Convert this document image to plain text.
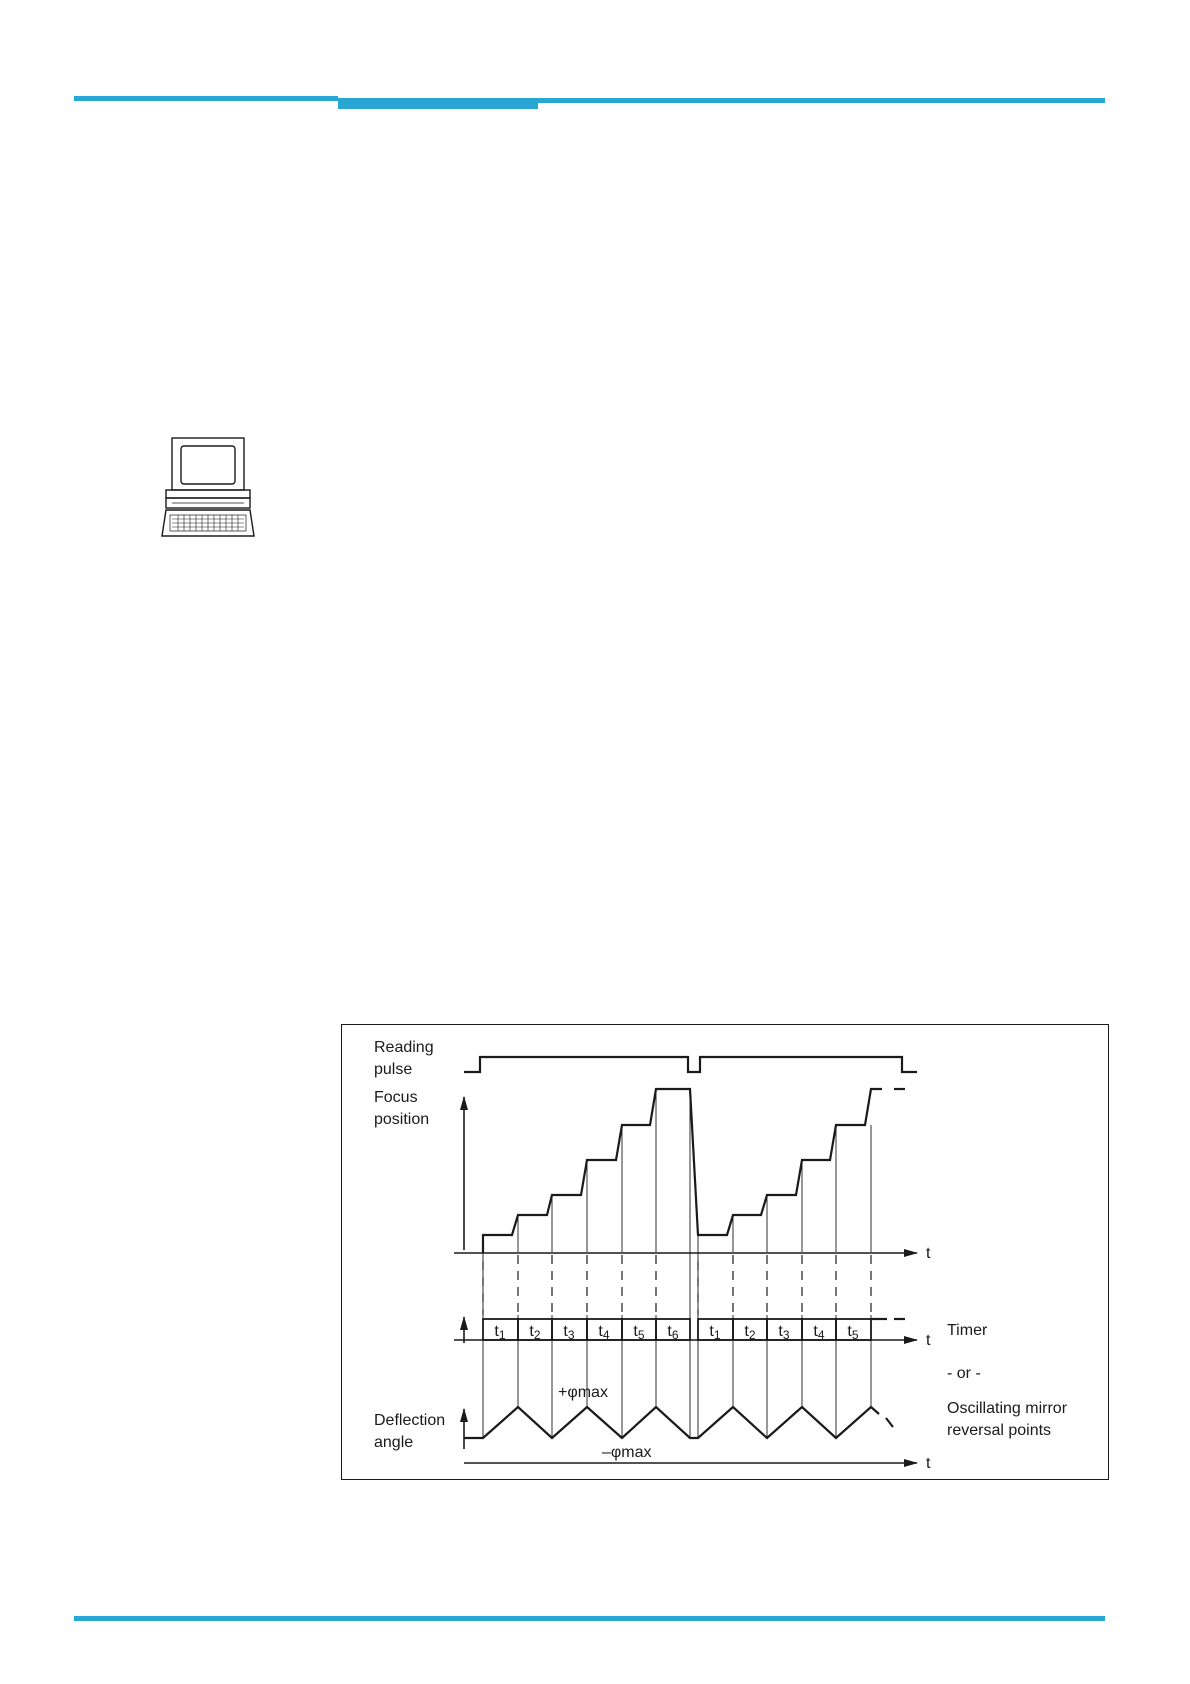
t1 t2 t3 t4 t5 t6 t1 t2 t3 t4 t5
t
t
t
+φmax
–φmax
Reading
pulse
Focus
position
Deflection
angle
Timer
- or -
Oscillating mirror
reversal points
